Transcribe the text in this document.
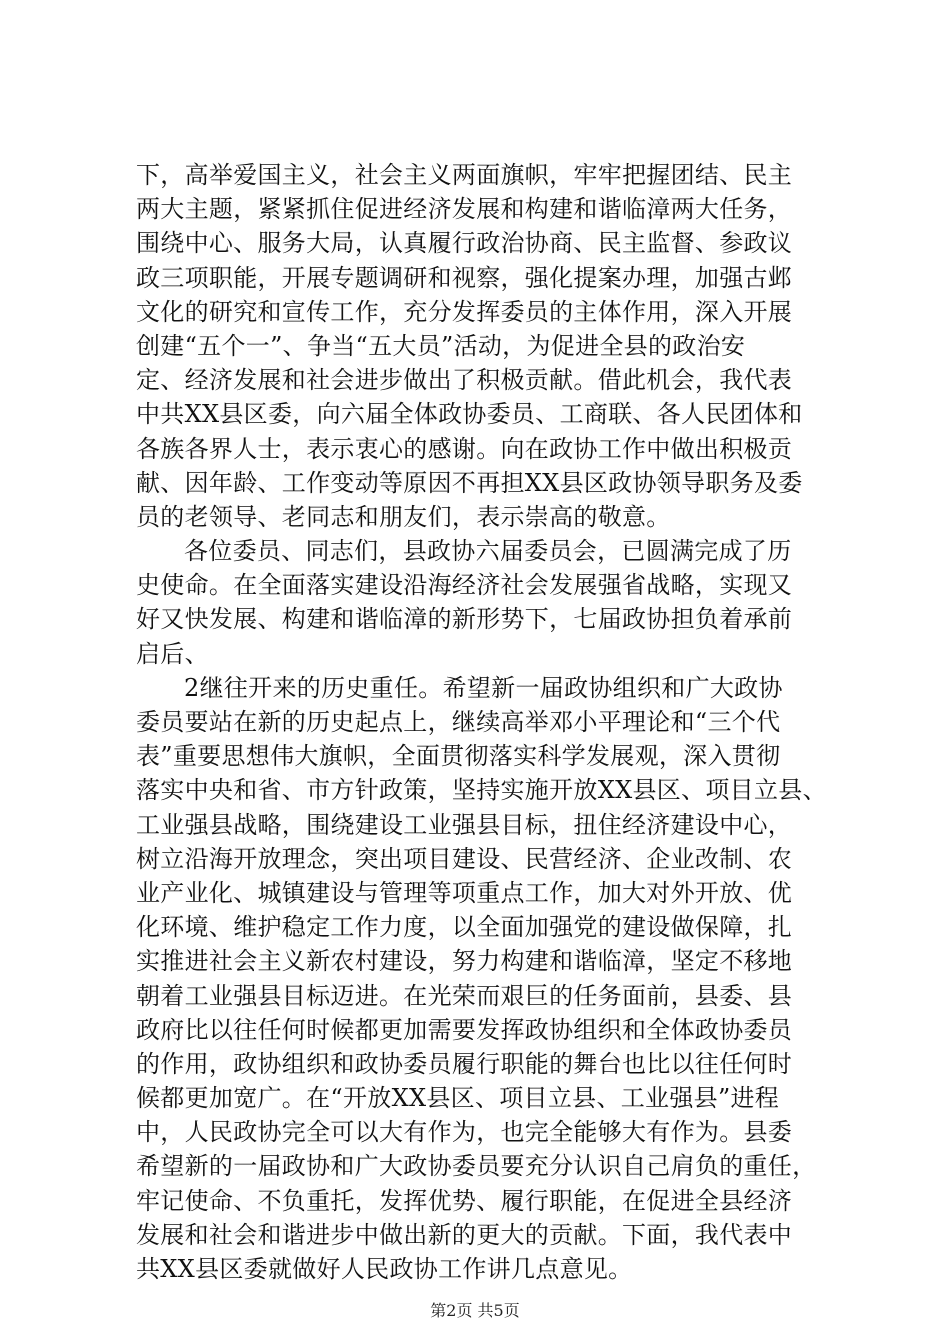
下，高举爱国主义，社会主义两面旗帜，牢牢把握团结、民主
两大主题，紧紧抓住促进经济发展和构建和谐临漳两大任务，
围绕中心、服务大局，认真履行政治协商、民主监督、参政议
政三项职能，开展专题调研和视察，强化提案办理，加强古邺
文化的研究和宣传工作，充分发挥委员的主体作用，深入开展
创建“五个一”、争当“五大员”活动，为促进全县的政治安
定、经济发展和社会进步做出了积极贡献。借此机会，我代表
中共XX县区委，向六届全体政协委员、工商联、各人民团体和
各族各界人士，表示衷心的感谢。向在政协工作中做出积极贡
献、因年龄、工作变动等原因不再担XX县区政协领导职务及委
员的老领导、老同志和朋友们，表示崇高的敬意。
各位委员、同志们，县政协六届委员会，已圆满完成了历
史使命。在全面落实建设沿海经济社会发展强省战略，实现又
好又快发展、构建和谐临漳的新形势下，七届政协担负着承前
启后、
2继往开来的历史重任。希望新一届政协组织和广大政协
委员要站在新的历史起点上，继续高举邓小平理论和“三个代
表”重要思想伟大旗帜，全面贯彻落实科学发展观，深入贯彻
落实中央和省、市方针政策，坚持实施开放XX县区、项目立县、
工业强县战略，围绕建设工业强县目标，扭住经济建设中心，
树立沿海开放理念，突出项目建设、民营经济、企业改制、农
业产业化、城镇建设与管理等项重点工作，加大对外开放、优
化环境、维护稳定工作力度，以全面加强党的建设做保障，扎
实推进社会主义新农村建设，努力构建和谐临漳，坚定不移地
朝着工业强县目标迈进。在光荣而艰巨的任务面前，县委、县
政府比以往任何时候都更加需要发挥政协组织和全体政协委员
的作用，政协组织和政协委员履行职能的舞台也比以往任何时
候都更加宽广。在“开放XX县区、项目立县、工业强县”进程
中，人民政协完全可以大有作为，也完全能够大有作为。县委
希望新的一届政协和广大政协委员要充分认识自己肩负的重任，
牢记使命、不负重托，发挥优势、履行职能，在促进全县经济
发展和社会和谐进步中做出新的更大的贡献。下面，我代表中
共XX县区委就做好人民政协工作讲几点意见。
第2页 共5页
